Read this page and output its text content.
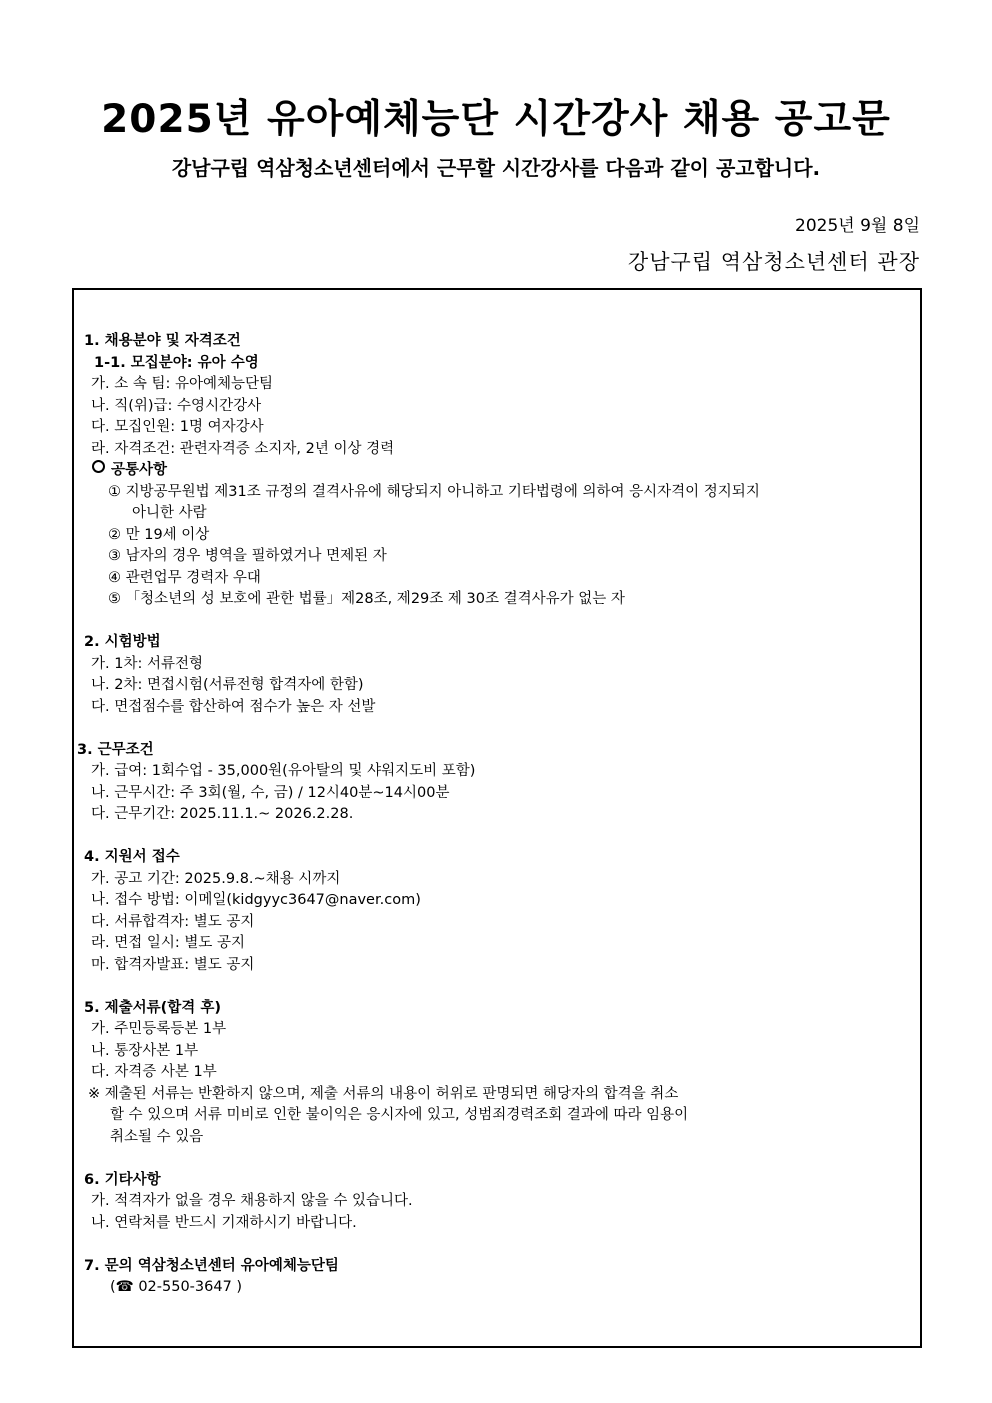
2025년 유아예체능단 시간강사 채용 공고문
강남구립 역삼청소년센터에서 근무할 시간강사를 다음과 같이 공고합니다.
2025년 9월 8일
강남구립 역삼청소년센터 관장
1. 채용분야 및 자격조건
1-1. 모집분야: 유아 수영
가. 소 속 팀: 유아예체능단팀
나. 직(위)급: 수영시간강사
다. 모집인원: 1명 여자강사
라. 자격조건: 관련자격증 소지자, 2년 이상 경력
공통사항
① 지방공무원법 제31조 규정의 결격사유에 해당되지 아니하고 기타법령에 의하여 응시자격이 정지되지
아니한 사람
② 만 19세 이상
③ 남자의 경우 병역을 필하였거나 면제된 자
④ 관련업무 경력자 우대
⑤ 「청소년의 성 보호에 관한 법률」제28조, 제29조 제 30조 결격사유가 없는 자
2. 시험방법
가. 1차: 서류전형
나. 2차: 면접시험(서류전형 합격자에 한함)
다. 면접점수를 합산하여 점수가 높은 자 선발
3. 근무조건
가. 급여: 1회수업 - 35,000원(유아탈의 및 샤워지도비 포함)
나. 근무시간: 주 3회(월, 수, 금) / 12시40분~14시00분
다. 근무기간: 2025.11.1.~ 2026.2.28.
4. 지원서 접수
가. 공고 기간: 2025.9.8.~채용 시까지
나. 접수 방법: 이메일(kidgyyc3647@naver.com)
다. 서류합격자: 별도 공지
라. 면접 일시: 별도 공지
마. 합격자발표: 별도 공지
5. 제출서류(합격 후)
가. 주민등록등본 1부
나. 통장사본 1부
다. 자격증 사본 1부
※ 제출된 서류는 반환하지 않으며, 제출 서류의 내용이 허위로 판명되면 해당자의 합격을 취소
할 수 있으며 서류 미비로 인한 불이익은 응시자에 있고, 성범죄경력조회 결과에 따라 임용이
취소될 수 있음
6. 기타사항
가. 적격자가 없을 경우 채용하지 않을 수 있습니다.
나. 연락처를 반드시 기재하시기 바랍니다.
7. 문의 역삼청소년센터 유아예체능단팀
(☎ 02-550-3647 )
